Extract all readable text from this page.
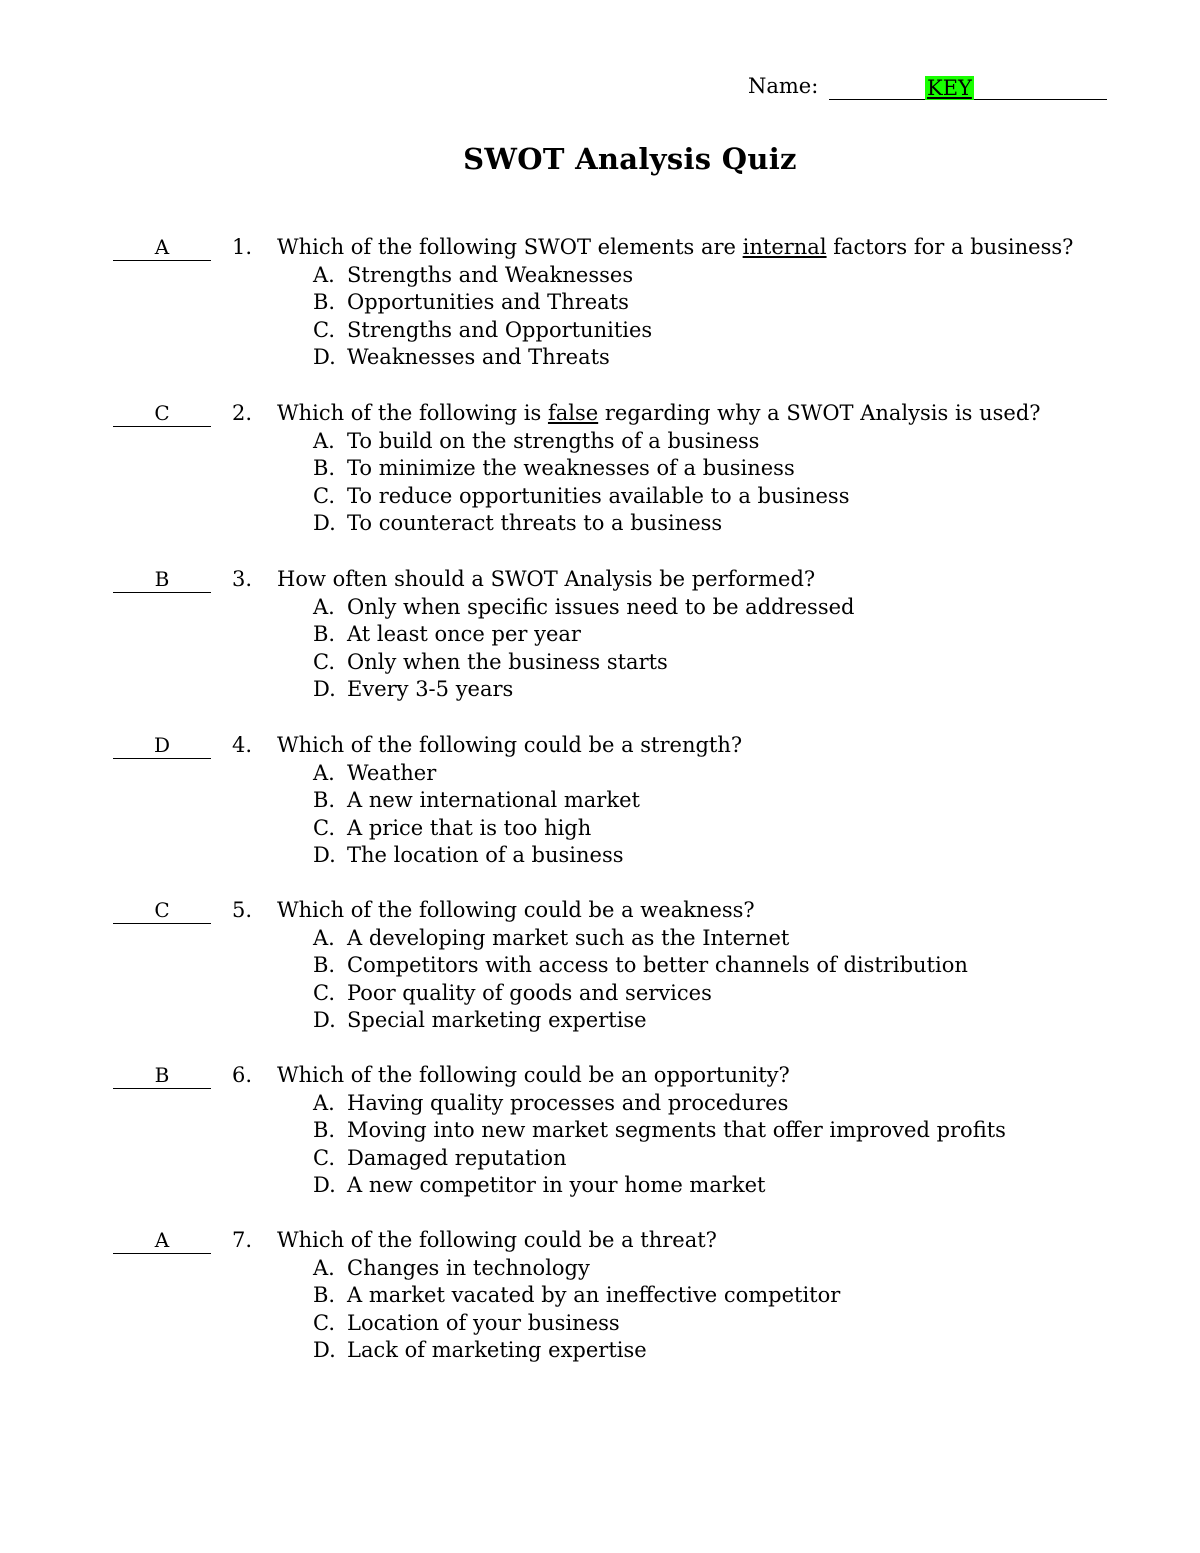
Name:	KEY
SWOT Analysis Quiz
A	1. Which of the following SWOT elements are internal factors for a business?
A. Strengths and Weaknesses
B. Opportunities and Threats
C. Strengths and Opportunities
D. Weaknesses and Threats
C	2. Which of the following is false regarding why a SWOT Analysis is used?
A. To build on the strengths of a business
B. To minimize the weaknesses of a business
C. To reduce opportunities available to a business
D. To counteract threats to a business
B	3. How often should a SWOT Analysis be performed?
A. Only when specific issues need to be addressed
B. At least once per year
C. Only when the business starts
D. Every 3-5 years
D	4. Which of the following could be a strength?
A. Weather
B. A new international market
C. A price that is too high
D. The location of a business
C	5. Which of the following could be a weakness?
A. A developing market such as the Internet
B. Competitors with access to better channels of distribution
C. Poor quality of goods and services
D. Special marketing expertise
B	6. Which of the following could be an opportunity?
A. Having quality processes and procedures
B. Moving into new market segments that offer improved profits
C. Damaged reputation
D. A new competitor in your home market
A	7. Which of the following could be a threat?
A. Changes in technology
B. A market vacated by an ineffective competitor
C. Location of your business
D. Lack of marketing expertise
